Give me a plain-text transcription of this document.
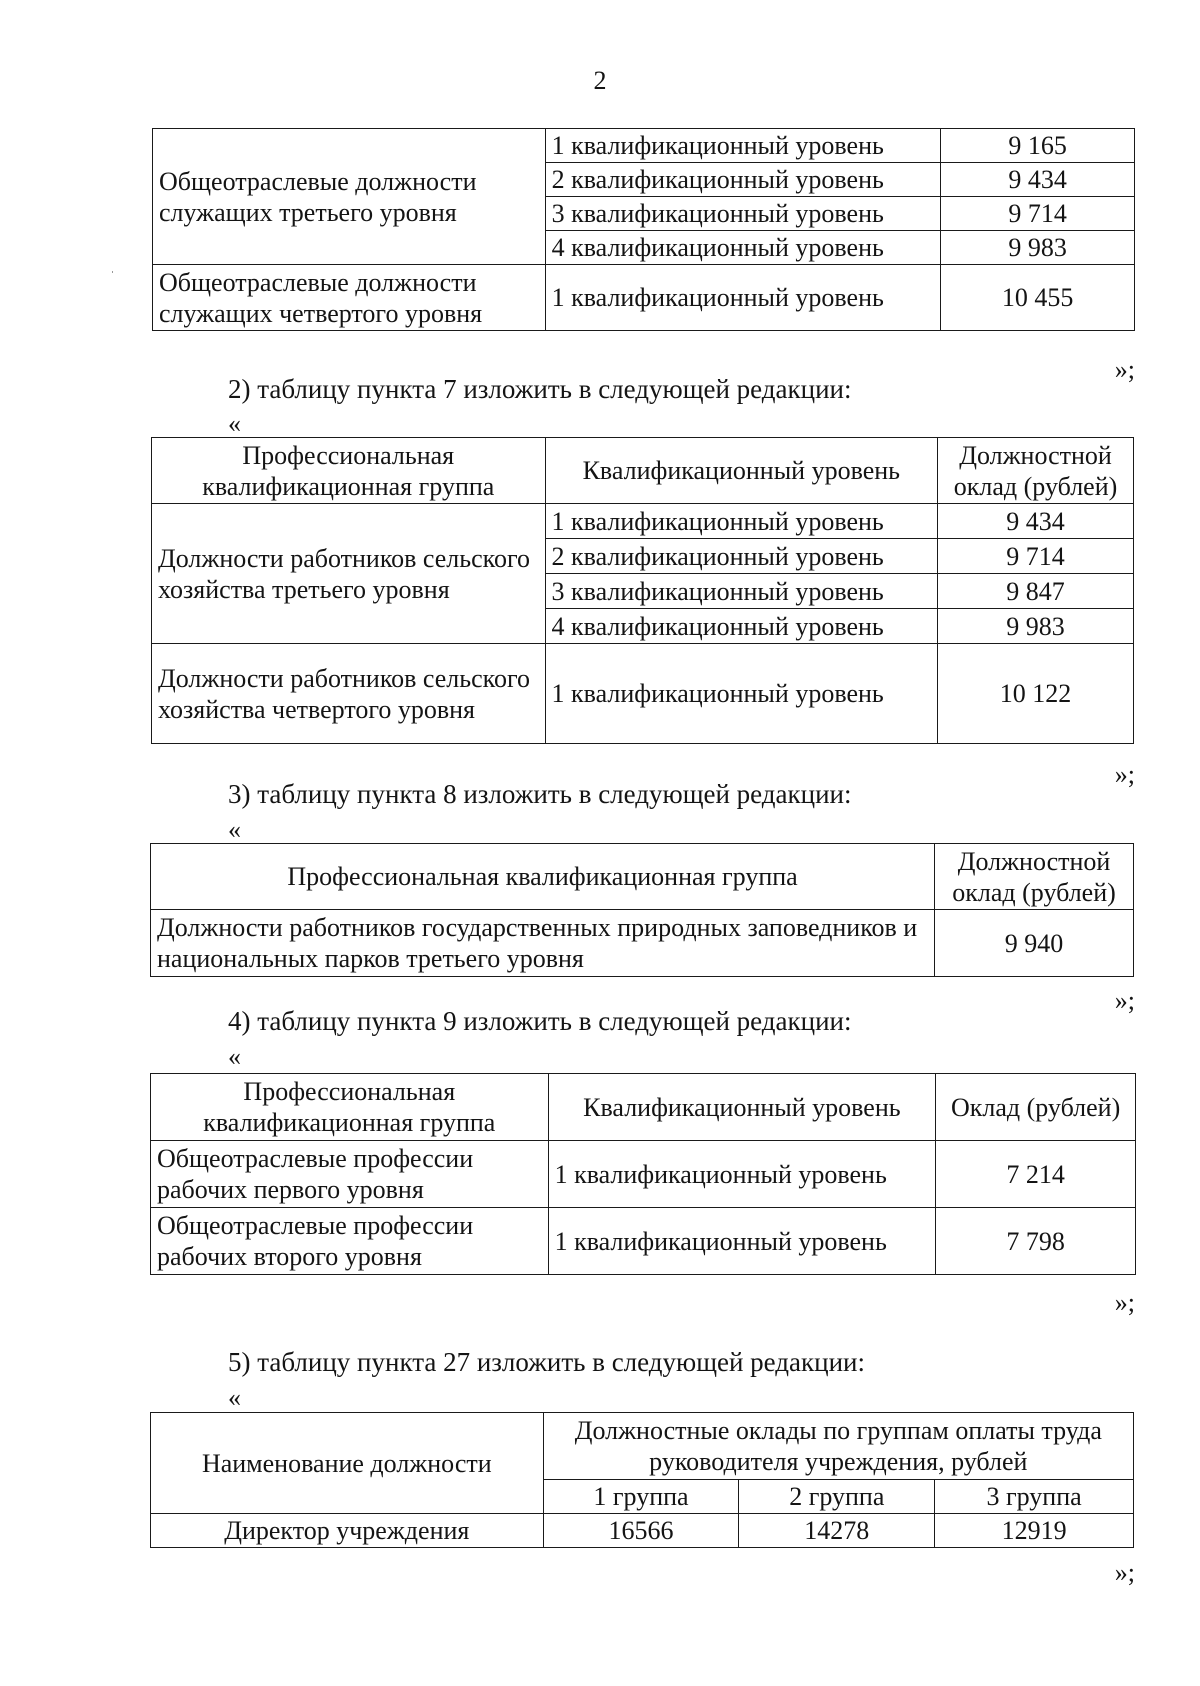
2
Общеотраслевые должности служащих третьего уровня	1 квалификационный уровень	9 165
	2 квалификационный уровень	9 434
	3 квалификационный уровень	9 714
	4 квалификационный уровень	9 983
Общеотраслевые должности служащих четвертого уровня	1 квалификационный уровень	10 455
»;
2) таблицу пункта 7 изложить в следующей редакции:
«
Профессиональная квалификационная группа	Квалификационный уровень	Должностной оклад (рублей)
Должности работников сельского хозяйства третьего уровня	1 квалификационный уровень	9 434
	2 квалификационный уровень	9 714
	3 квалификационный уровень	9 847
	4 квалификационный уровень	9 983
Должности работников сельского хозяйства четвертого уровня	1 квалификационный уровень	10 122
»;
3) таблицу пункта 8 изложить в следующей редакции:
«
Профессиональная квалификационная группа	Должностной оклад (рублей)
Должности работников государственных природных заповедников и национальных парков третьего уровня	9 940
»;
4) таблицу пункта 9 изложить в следующей редакции:
«
Профессиональная квалификационная группа	Квалификационный уровень	Оклад (рублей)
Общеотраслевые профессии рабочих первого уровня	1 квалификационный уровень	7 214
Общеотраслевые профессии рабочих второго уровня	1 квалификационный уровень	7 798
»;
5) таблицу пункта 27 изложить в следующей редакции:
«
Наименование должности	Должностные оклады по группам оплаты труда руководителя учреждения, рублей		
	1 группа	2 группа	3 группа
Директор учреждения	16566	14278	12919
»;
